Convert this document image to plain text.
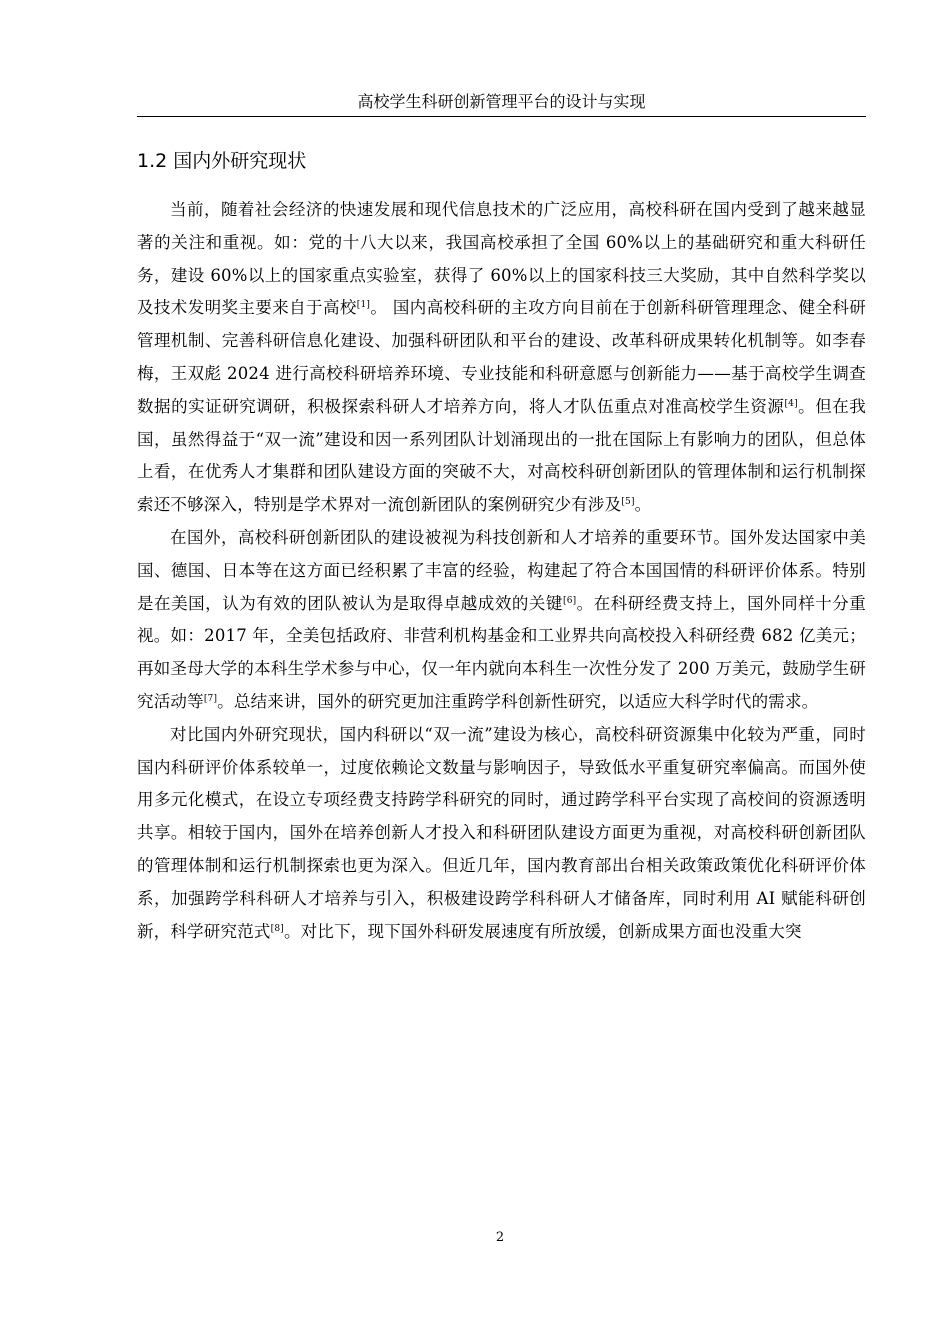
高校学生科研创新管理平台的设计与实现
1.2 国内外研究现状

当前，随着社会经济的快速发展和现代信息技术的广泛应用，高校科研在国内受到了越来越显著的关注和重视。如：党的十八大以来，我国高校承担了全国 60%以上的基础研究和重大科研任务，建设 60%以上的国家重点实验室，获得了 60%以上的国家科技三大奖励，其中自然科学奖以及技术发明奖主要来自于高校[1]。 国内高校科研的主攻方向目前在于创新科研管理理念、健全科研管理机制、完善科研信息化建设、加强科研团队和平台的建设、改革科研成果转化机制等。如李春梅，王双彪 2024 进行高校科研培养环境、专业技能和科研意愿与创新能力——基于高校学生调查数据的实证研究调研，积极探索科研人才培养方向，将人才队伍重点对准高校学生资源[4]。但在我国，虽然得益于“双一流”建设和因一系列团队计划涌现出的一批在国际上有影响力的团队，但总体上看，在优秀人才集群和团队建设方面的突破不大，对高校科研创新团队的管理体制和运行机制探索还不够深入，特别是学术界对一流创新团队的案例研究少有涉及[5]。

在国外，高校科研创新团队的建设被视为科技创新和人才培养的重要环节。国外发达国家中美国、德国、日本等在这方面已经积累了丰富的经验，构建起了符合本国国情的科研评价体系。特别是在美国，认为有效的团队被认为是取得卓越成效的关键[6]。在科研经费支持上，国外同样十分重视。如：2017 年，全美包括政府、非营利机构基金和工业界共向高校投入科研经费 682 亿美元；再如圣母大学的本科生学术参与中心，仅一年内就向本科生一次性分发了 200 万美元，鼓励学生研究活动等[7]。总结来讲，国外的研究更加注重跨学科创新性研究，以适应大科学时代的需求。

对比国内外研究现状，国内科研以“双一流”建设为核心，高校科研资源集中化较为严重，同时国内科研评价体系较单一，过度依赖论文数量与影响因子，导致低水平重复研究率偏高。而国外使用多元化模式，在设立专项经费支持跨学科研究的同时，通过跨学科平台实现了高校间的资源透明共享。相较于国内，国外在培养创新人才投入和科研团队建设方面更为重视，对高校科研创新团队的管理体制和运行机制探索也更为深入。但近几年，国内教育部出台相关政策政策优化科研评价体系，加强跨学科科研人才培养与引入，积极建设跨学科科研人才储备库，同时利用 AI 赋能科研创新，科学研究范式[8]。对比下，现下国外科研发展速度有所放缓，创新成果方面也没重大突

2
